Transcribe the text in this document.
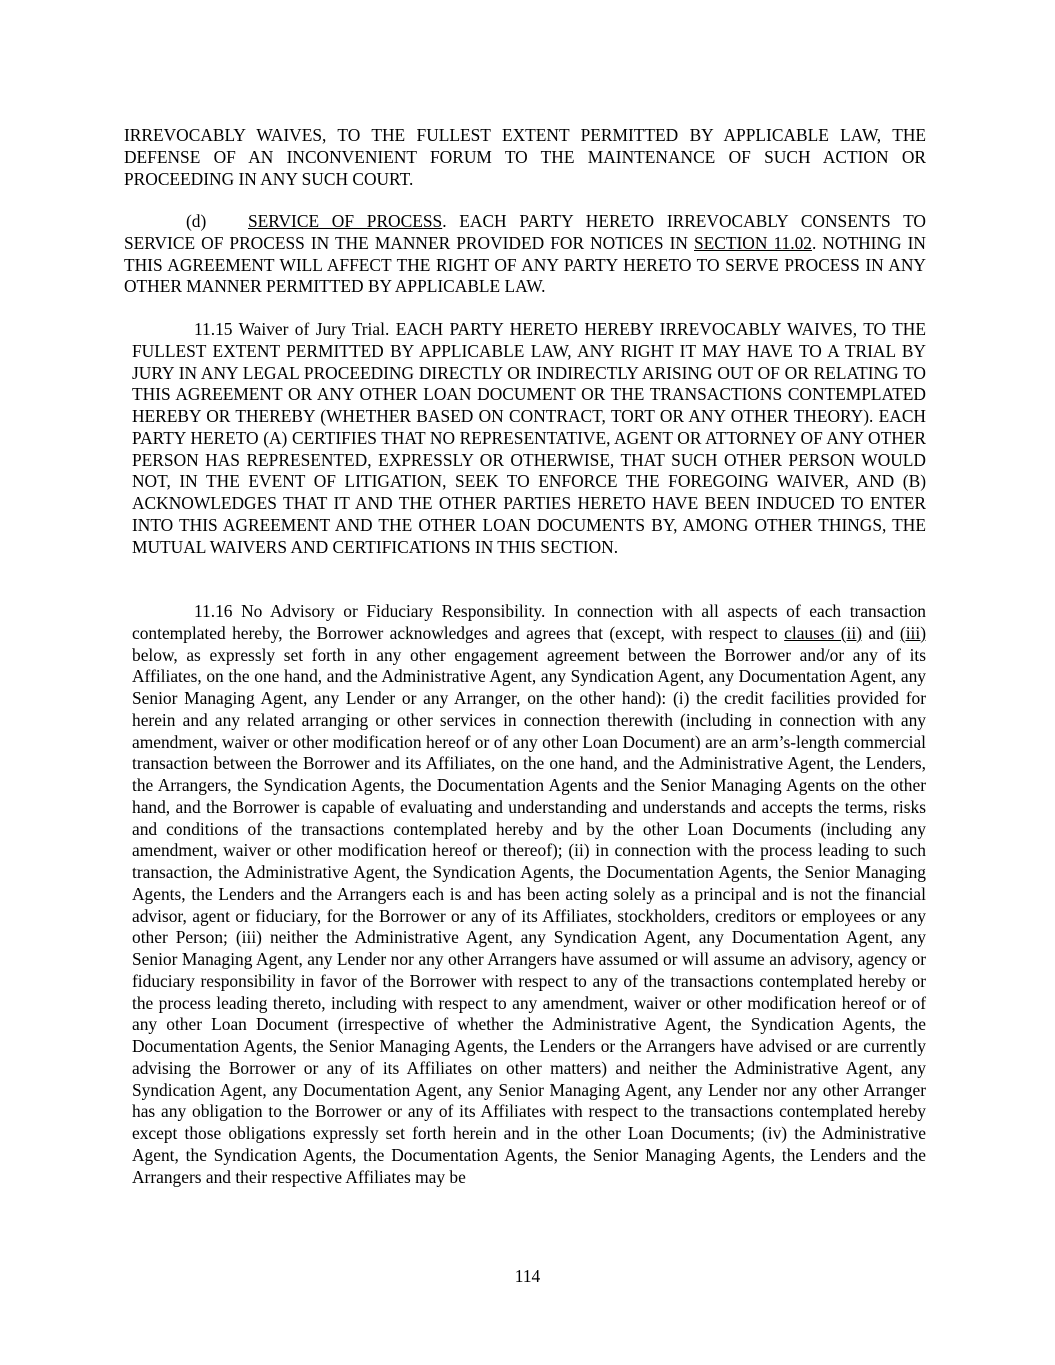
IRREVOCABLY WAIVES, TO THE FULLEST EXTENT PERMITTED BY APPLICABLE LAW, THE DEFENSE OF AN INCONVENIENT FORUM TO THE MAINTENANCE OF SUCH ACTION OR PROCEEDING IN ANY SUCH COURT.

(d) SERVICE OF PROCESS. EACH PARTY HERETO IRREVOCABLY CONSENTS TO SERVICE OF PROCESS IN THE MANNER PROVIDED FOR NOTICES IN SECTION 11.02. NOTHING IN THIS AGREEMENT WILL AFFECT THE RIGHT OF ANY PARTY HERETO TO SERVE PROCESS IN ANY OTHER MANNER PERMITTED BY APPLICABLE LAW.

11.15 Waiver of Jury Trial. EACH PARTY HERETO HEREBY IRREVOCABLY WAIVES, TO THE FULLEST EXTENT PERMITTED BY APPLICABLE LAW, ANY RIGHT IT MAY HAVE TO A TRIAL BY JURY IN ANY LEGAL PROCEEDING DIRECTLY OR INDIRECTLY ARISING OUT OF OR RELATING TO THIS AGREEMENT OR ANY OTHER LOAN DOCUMENT OR THE TRANSACTIONS CONTEMPLATED HEREBY OR THEREBY (WHETHER BASED ON CONTRACT, TORT OR ANY OTHER THEORY). EACH PARTY HERETO (A) CERTIFIES THAT NO REPRESENTATIVE, AGENT OR ATTORNEY OF ANY OTHER PERSON HAS REPRESENTED, EXPRESSLY OR OTHERWISE, THAT SUCH OTHER PERSON WOULD NOT, IN THE EVENT OF LITIGATION, SEEK TO ENFORCE THE FOREGOING WAIVER, AND (B) ACKNOWLEDGES THAT IT AND THE OTHER PARTIES HERETO HAVE BEEN INDUCED TO ENTER INTO THIS AGREEMENT AND THE OTHER LOAN DOCUMENTS BY, AMONG OTHER THINGS, THE MUTUAL WAIVERS AND CERTIFICATIONS IN THIS SECTION.

11.16 No Advisory or Fiduciary Responsibility. In connection with all aspects of each transaction contemplated hereby, the Borrower acknowledges and agrees that (except, with respect to clauses (ii) and (iii) below, as expressly set forth in any other engagement agreement between the Borrower and/or any of its Affiliates, on the one hand, and the Administrative Agent, any Syndication Agent, any Documentation Agent, any Senior Managing Agent, any Lender or any Arranger, on the other hand): (i) the credit facilities provided for herein and any related arranging or other services in connection therewith (including in connection with any amendment, waiver or other modification hereof or of any other Loan Document) are an arm’s-length commercial transaction between the Borrower and its Affiliates, on the one hand, and the Administrative Agent, the Lenders, the Arrangers, the Syndication Agents, the Documentation Agents and the Senior Managing Agents on the other hand, and the Borrower is capable of evaluating and understanding and understands and accepts the terms, risks and conditions of the transactions contemplated hereby and by the other Loan Documents (including any amendment, waiver or other modification hereof or thereof); (ii) in connection with the process leading to such transaction, the Administrative Agent, the Syndication Agents, the Documentation Agents, the Senior Managing Agents, the Lenders and the Arrangers each is and has been acting solely as a principal and is not the financial advisor, agent or fiduciary, for the Borrower or any of its Affiliates, stockholders, creditors or employees or any other Person; (iii) neither the Administrative Agent, any Syndication Agent, any Documentation Agent, any Senior Managing Agent, any Lender nor any other Arrangers have assumed or will assume an advisory, agency or fiduciary responsibility in favor of the Borrower with respect to any of the transactions contemplated hereby or the process leading thereto, including with respect to any amendment, waiver or other modification hereof or of any other Loan Document (irrespective of whether the Administrative Agent, the Syndication Agents, the Documentation Agents, the Senior Managing Agents, the Lenders or the Arrangers have advised or are currently advising the Borrower or any of its Affiliates on other matters) and neither the Administrative Agent, any Syndication Agent, any Documentation Agent, any Senior Managing Agent, any Lender nor any other Arranger has any obligation to the Borrower or any of its Affiliates with respect to the transactions contemplated hereby except those obligations expressly set forth herein and in the other Loan Documents; (iv) the Administrative Agent, the Syndication Agents, the Documentation Agents, the Senior Managing Agents, the Lenders and the Arrangers and their respective Affiliates may be

114
